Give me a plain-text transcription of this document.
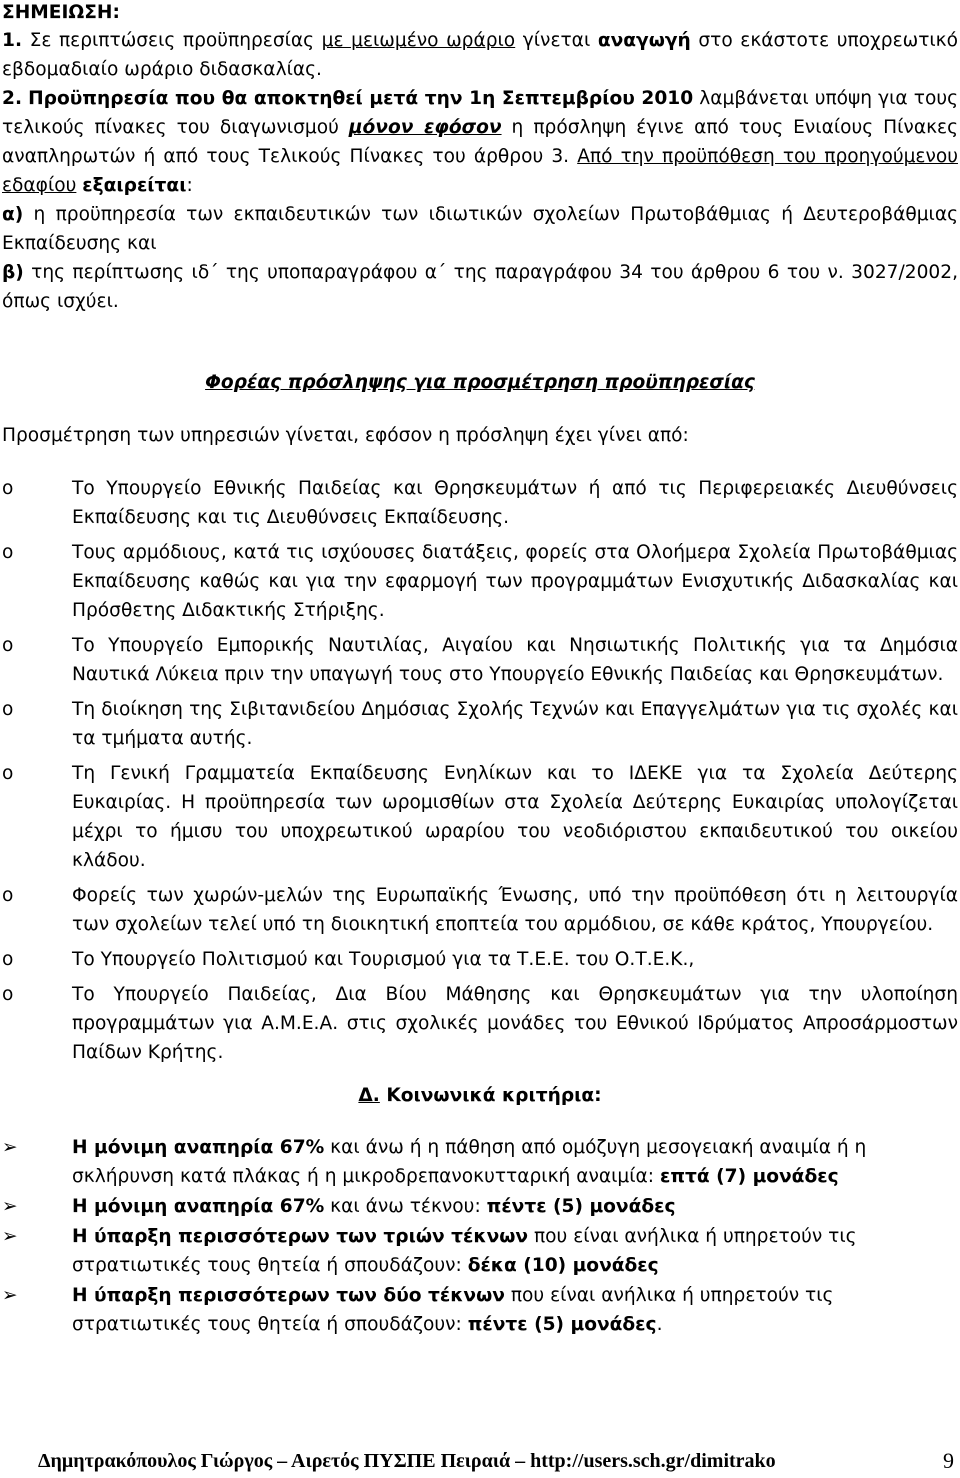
ΣΗΜΕΙΩΣΗ:

1. Σε περιπτώσεις προϋπηρεσίας με μειωμένο ωράριο γίνεται αναγωγή στο εκάστοτε υποχρεωτικό εβδομαδιαίο ωράριο διδασκαλίας.

2. Προϋπηρεσία που θα αποκτηθεί μετά την 1η Σεπτεμβρίου 2010 λαμβάνεται υπόψη για τους τελικούς πίνακες του διαγωνισμού μόνον εφόσον η πρόσληψη έγινε από τους Ενιαίους Πίνακες αναπληρωτών ή από τους Τελικούς Πίνακες του άρθρου 3. Από την προϋπόθεση του προηγούμενου εδαφίου εξαιρείται:

α) η προϋπηρεσία των εκπαιδευτικών των ιδιωτικών σχολείων Πρωτοβάθμιας ή Δευτεροβάθμιας Εκπαίδευσης και

β) της περίπτωσης ιδ΄ της υποπαραγράφου α΄ της παραγράφου 34 του άρθρου 6 του ν. 3027/2002, όπως ισχύει.

Φορέας πρόσληψης για προσμέτρηση προϋπηρεσίας

Προσμέτρηση των υπηρεσιών γίνεται, εφόσον η πρόσληψη έχει γίνει από:

o	Το Υπουργείο Εθνικής Παιδείας και Θρησκευμάτων ή από τις Περιφερειακές Διευθύνσεις Εκπαίδευσης και τις Διευθύνσεις Εκπαίδευσης.
o	Τους αρμόδιους, κατά τις ισχύουσες διατάξεις, φορείς στα Ολοήμερα Σχολεία Πρωτοβάθμιας Εκπαίδευσης καθώς και για την εφαρμογή των προγραμμάτων Ενισχυτικής Διδασκαλίας και Πρόσθετης Διδακτικής Στήριξης.
o	Το Υπουργείο Εμπορικής Ναυτιλίας, Αιγαίου και Νησιωτικής Πολιτικής για τα Δημόσια Ναυτικά Λύκεια πριν την υπαγωγή τους στο Υπουργείο Εθνικής Παιδείας και Θρησκευμάτων.
o	Τη διοίκηση της Σιβιτανιδείου Δημόσιας Σχολής Τεχνών και Επαγγελμάτων για τις σχολές και τα τμήματα αυτής.
o	Τη Γενική Γραμματεία Εκπαίδευσης Ενηλίκων και το ΙΔΕΚΕ για τα Σχολεία Δεύτερης Ευκαιρίας. Η προϋπηρεσία των ωρομισθίων στα Σχολεία Δεύτερης Ευκαιρίας υπολογίζεται μέχρι το ήμισυ του υποχρεωτικού ωραρίου του νεοδιόριστου εκπαιδευτικού του οικείου κλάδου.
o	Φορείς των χωρών-μελών της Ευρωπαϊκής Ένωσης, υπό την προϋπόθεση ότι η λειτουργία των σχολείων τελεί υπό τη διοικητική εποπτεία του αρμόδιου, σε κάθε κράτος, Υπουργείου.
o	Το Υπουργείο Πολιτισμού και Τουρισμού για τα Τ.Ε.Ε. του Ο.Τ.Ε.Κ.,
o	Το Υπουργείο Παιδείας, Δια Βίου Μάθησης και Θρησκευμάτων για την υλοποίηση προγραμμάτων για Α.Μ.Ε.Α. στις σχολικές μονάδες του Εθνικού Ιδρύματος Απροσάρμοστων Παίδων Κρήτης.

Δ. Κοινωνικά κριτήρια:

➢	Η μόνιμη αναπηρία 67% και άνω ή η πάθηση από ομόζυγη μεσογειακή αναιμία ή η σκλήρυνση κατά πλάκας ή η μικροδρεπανοκυτταρική αναιμία: επτά (7) μονάδες
➢	Η μόνιμη αναπηρία 67% και άνω τέκνου: πέντε (5) μονάδες
➢	Η ύπαρξη περισσότερων των τριών τέκνων που είναι ανήλικα ή υπηρετούν τις στρατιωτικές τους θητεία ή σπουδάζουν: δέκα (10) μονάδες
➢	Η ύπαρξη περισσότερων των δύο τέκνων που είναι ανήλικα ή υπηρετούν τις στρατιωτικές τους θητεία ή σπουδάζουν: πέντε (5) μονάδες.
Δημητρακόπουλος Γιώργος – Αιρετός ΠΥΣΠΕ Πειραιά – http://users.sch.gr/dimitrako	9
